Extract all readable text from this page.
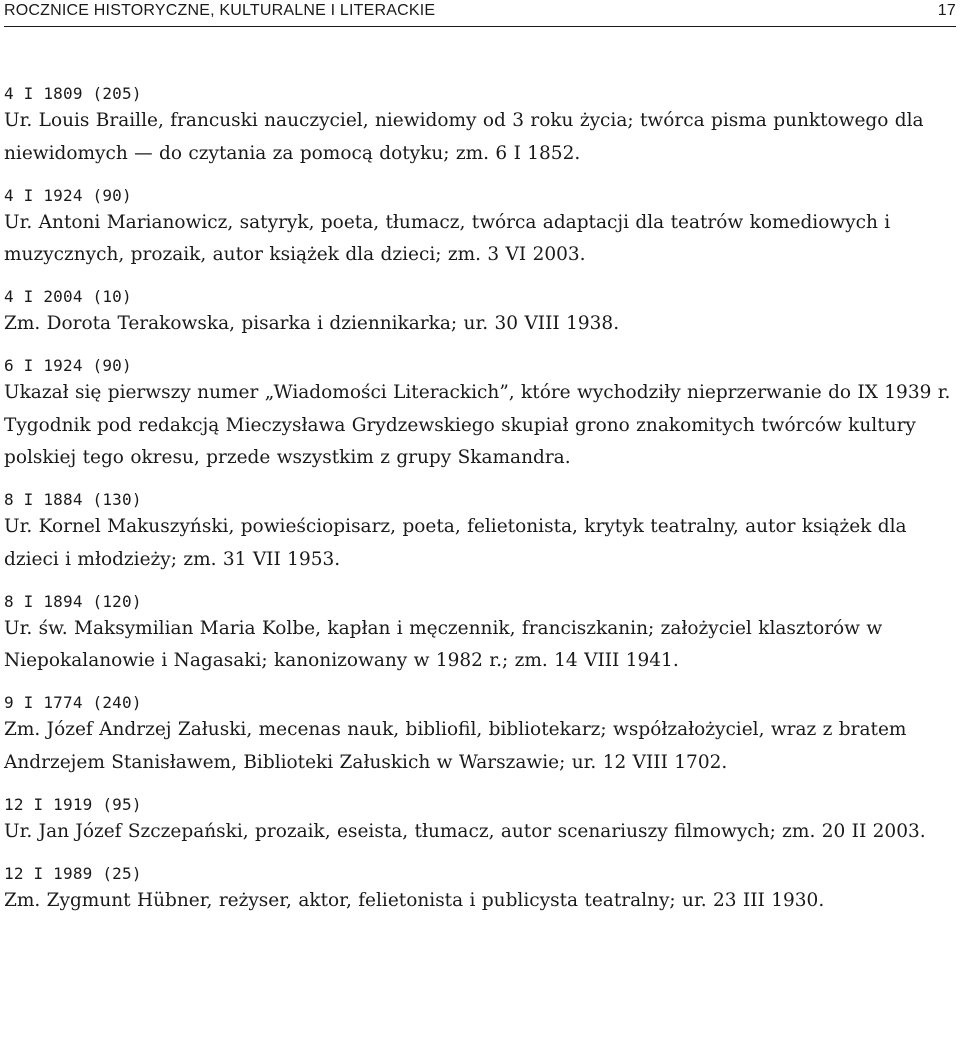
ROCZNICE HISTORYCZNE, KULTURALNE I LITERACKIE	17
4 I 1809 (205)
Ur. Louis Braille, francuski nauczyciel, niewidomy od 3 roku życia; twórca pisma punktowego dla niewidomych — do czytania za pomocą dotyku; zm. 6 I 1852.
4 I 1924 (90)
Ur. Antoni Marianowicz, satyryk, poeta, tłumacz, twórca adaptacji dla teatrów komediowych i muzycznych, prozaik, autor książek dla dzieci; zm. 3 VI 2003.
4 I 2004 (10)
Zm. Dorota Terakowska, pisarka i dziennikarka; ur. 30 VIII 1938.
6 I 1924 (90)
Ukazał się pierwszy numer „Wiadomości Literackich”, które wychodziły nieprzerwanie do IX 1939 r. Tygodnik pod redakcją Mieczysława Grydzewskiego skupiał grono znakomitych twórców kultury polskiej tego okresu, przede wszystkim z grupy Skamandra.
8 I 1884 (130)
Ur. Kornel Makuszyński, powieściopisarz, poeta, felietonista, krytyk teatralny, autor książek dla dzieci i młodzieży; zm. 31 VII 1953.
8 I 1894 (120)
Ur. św. Maksymilian Maria Kolbe, kapłan i męczennik, franciszkanin; założyciel klasztorów w Niepokalanowie i Nagasaki; kanonizowany w 1982 r.; zm. 14 VIII 1941.
9 I 1774 (240)
Zm. Józef Andrzej Załuski, mecenas nauk, bibliofil, bibliotekarz; współzałożyciel, wraz z bratem Andrzejem Stanisławem, Biblioteki Załuskich w Warszawie; ur. 12 VIII 1702.
12 I 1919 (95)
Ur. Jan Józef Szczepański, prozaik, eseista, tłumacz, autor scenariuszy filmowych; zm. 20 II 2003.
12 I 1989 (25)
Zm. Zygmunt Hübner, reżyser, aktor, felietonista i publicysta teatralny; ur. 23 III 1930.
